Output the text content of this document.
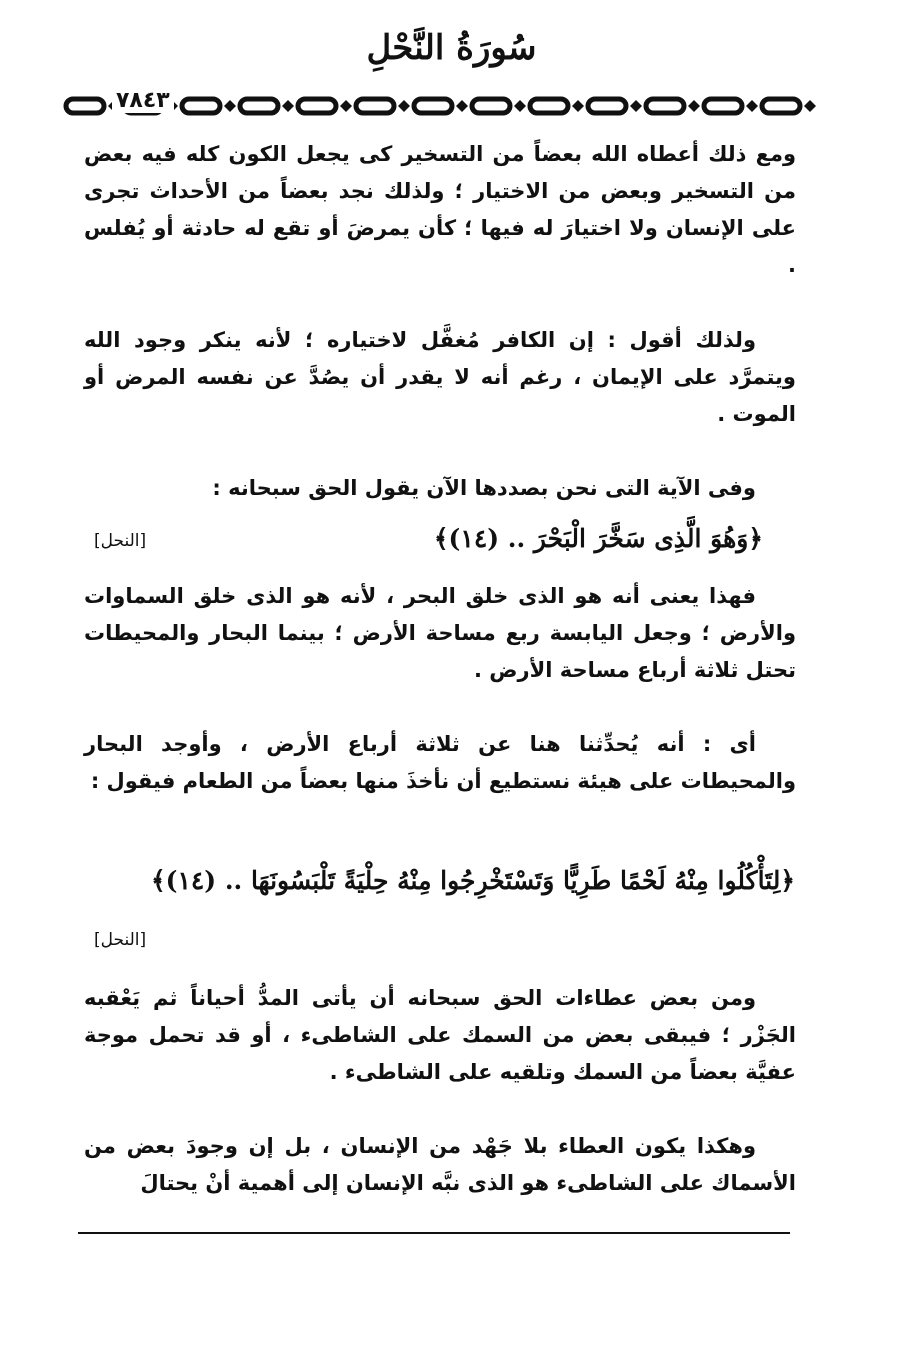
سُورَةُ النَّحْلِ
٧٨٤٣
ومع ذلك أعطاه الله بعضاً من التسخير كى يجعل الكون كله فيه بعض من التسخير وبعض من الاختيار ؛ ولذلك نجد بعضاً من الأحداث تجرى على الإنسان ولا اختيارَ له فيها ؛ كأن يمرضَ أو تقع له حادثة أو يُفلس .
ولذلك أقول : إن الكافر مُغفَّل لاختياره ؛ لأنه ينكر وجود الله ويتمرَّد على الإيمان ، رغم أنه لا يقدر أن يصُدَّ عن نفسه المرض أو الموت .
وفى الآية التى نحن بصددها الآن يقول الحق سبحانه :
﴿وَهُوَ الَّذِى سَخَّرَ الْبَحْرَ .. (١٤)﴾
[النحل]
فهذا يعنى أنه هو الذى خلق البحر ، لأنه هو الذى خلق السماوات والأرض ؛ وجعل اليابسة ربع مساحة الأرض ؛ بينما البحار والمحيطات تحتل ثلاثة أرباع مساحة الأرض .
أى : أنه يُحدِّثنا هنا عن ثلاثة أرباع الأرض ، وأوجد البحار والمحيطات على هيئة نستطيع أن نأخذَ منها بعضاً من الطعام فيقول :
﴿لِتَأْكُلُوا مِنْهُ لَحْمًا طَرِيًّا وَتَسْتَخْرِجُوا مِنْهُ حِلْيَةً تَلْبَسُونَهَا .. (١٤)﴾
[النحل]
ومن بعض عطاءات الحق سبحانه أن يأتى المدُّ أحياناً ثم يَعْقبه الجَزْر ؛ فيبقى بعض من السمك على الشاطىء ، أو قد تحمل موجة عفيَّة بعضاً من السمك وتلقيه على الشاطىء .
وهكذا يكون العطاء بلا جَهْد من الإنسان ، بل إن وجودَ بعض من الأسماك على الشاطىء هو الذى نبَّه الإنسان إلى أهمية أنْ يحتالَ
